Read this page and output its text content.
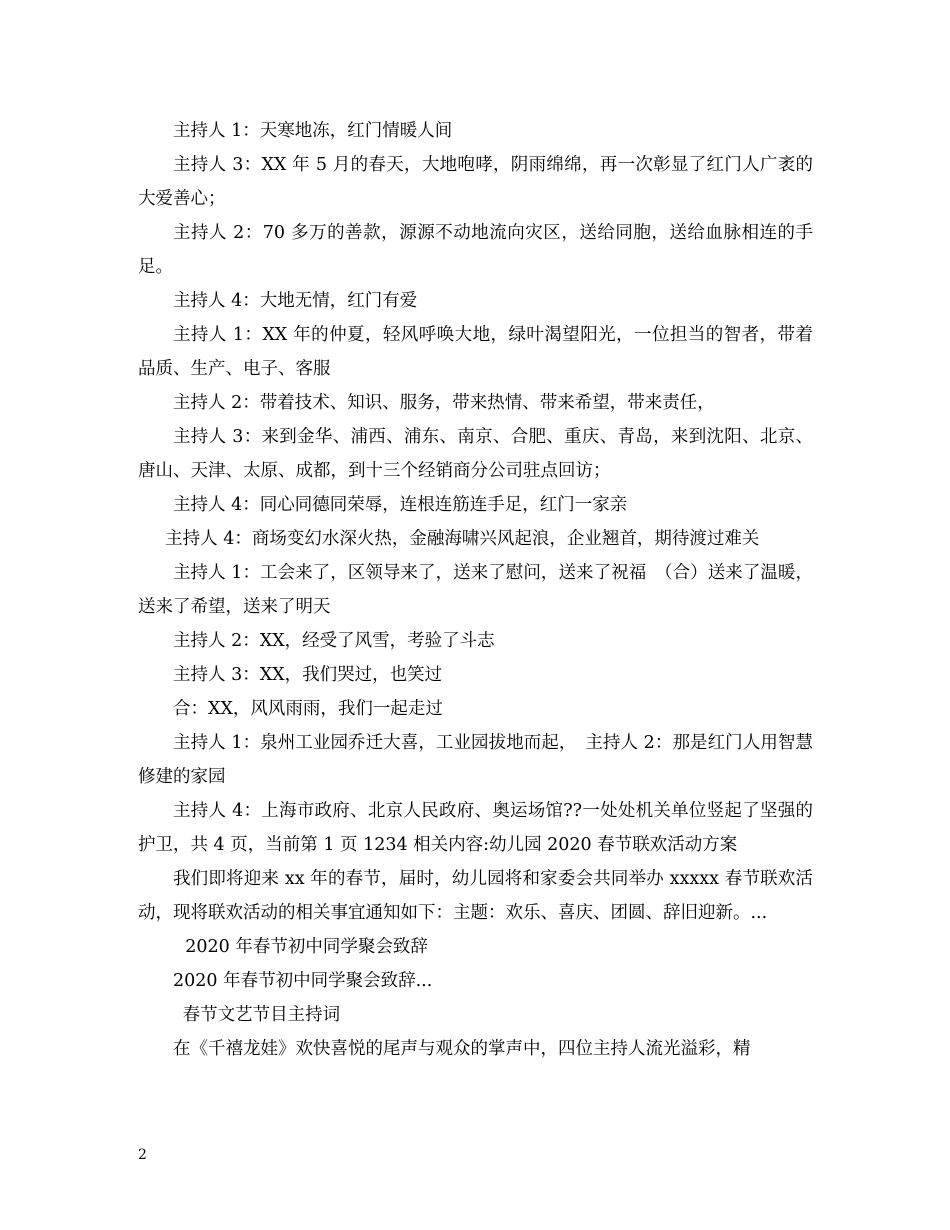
主持人 1：天寒地冻，红门情暖人间

主持人 3：XX 年 5 月的春天，大地咆哮，阴雨绵绵，再一次彰显了红门人广袤的大爱善心；

主持人 2：70 多万的善款，源源不动地流向灾区，送给同胞，送给血脉相连的手足。

主持人 4：大地无情，红门有爱

主持人 1：XX 年的仲夏，轻风呼唤大地，绿叶渴望阳光，一位担当的智者，带着品质、生产、电子、客服

主持人 2：带着技术、知识、服务，带来热情、带来希望，带来责任，

主持人 3：来到金华、浦西、浦东、南京、合肥、重庆、青岛，来到沈阳、北京、唐山、天津、太原、成都，到十三个经销商分公司驻点回访；

主持人 4：同心同德同荣辱，连根连筋连手足，红门一家亲

主持人 4：商场变幻水深火热，金融海啸兴风起浪，企业翘首，期待渡过难关

主持人 1：工会来了，区领导来了，送来了慰问，送来了祝福　（合）送来了温暖，送来了希望，送来了明天

主持人 2：XX，经受了风雪，考验了斗志

主持人 3：XX，我们哭过，也笑过

合：XX，风风雨雨，我们一起走过

主持人 1：泉州工业园乔迁大喜，工业园拔地而起，　主持人 2：那是红门人用智慧修建的家园

主持人 4：上海市政府、北京人民政府、奥运场馆??一处处机关单位竖起了坚强的护卫，共 4 页，当前第 1 页 1234 相关内容:幼儿园 2020 春节联欢活动方案

我们即将迎来 xx 年的春节，届时，幼儿园将和家委会共同举办 xxxxx 春节联欢活动，现将联欢活动的相关事宜通知如下：主题：欢乐、喜庆、团圆、辞旧迎新。...

2020 年春节初中同学聚会致辞

2020 年春节初中同学聚会致辞...

春节文艺节目主持词

在《千禧龙娃》欢快喜悦的尾声与观众的掌声中，四位主持人流光溢彩，精

2
